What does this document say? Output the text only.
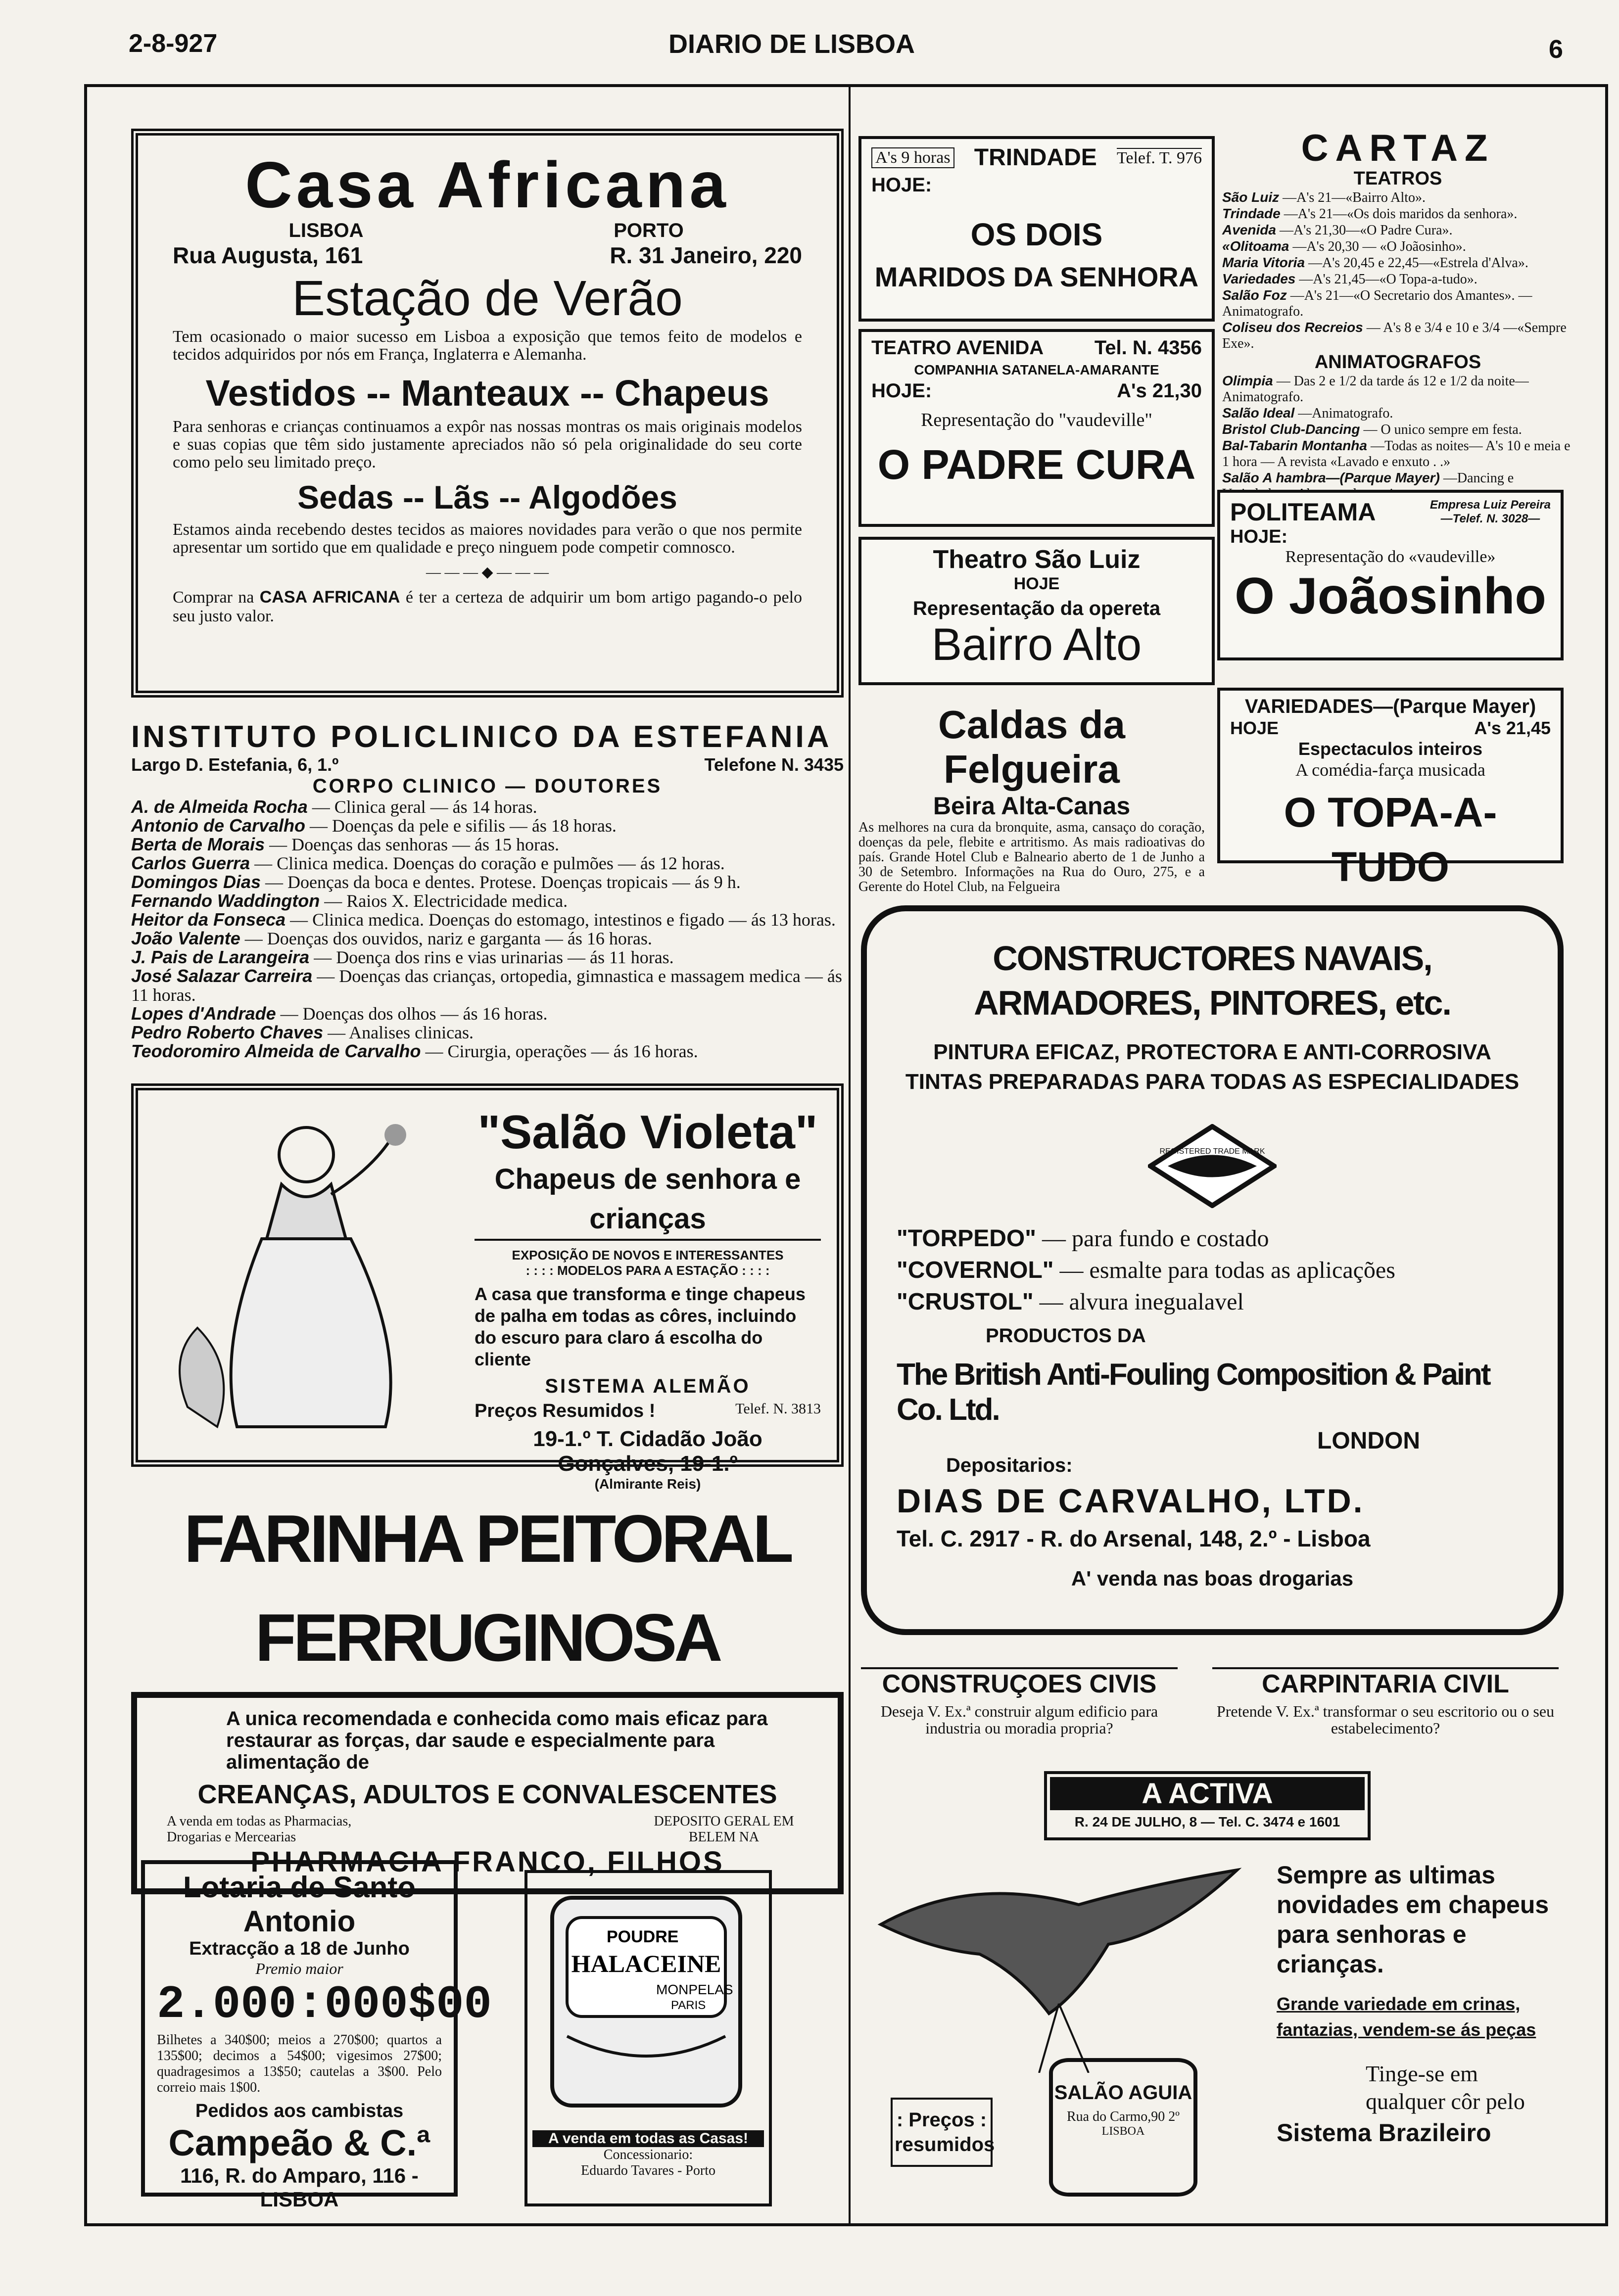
2-8-927	DIARIO DE LISBOA	6
Casa Africana
LISBOA	PORTO
Rua Augusta, 161	R. 31 Janeiro, 220
Estação de Verão

Tem ocasionado o maior sucesso em Lisboa a exposição que temos feito de modelos e tecidos adquiridos por nós em França, Inglaterra e Alemanha.

Vestidos -- Manteaux -- Chapeus

Para senhoras e crianças continuamos a expôr nas nossas montras os mais originais modelos e suas copias que têm sido justamente apreciados não só pela originalidade do seu corte como pelo seu limitado preço.

Sedas -- Lãs -- Algodões

Estamos ainda recebendo destes tecidos as maiores novidades para verão o que nos permite apresentar um sortido que em qualidade e preço ninguem pode competir comnosco.

— — — ◆ — — —

Comprar na CASA AFRICANA é ter a certeza de adquirir um bom artigo pagando-o pelo seu justo valor.

A's 9 horas TRINDADE Telef. T. 976
HOJE:
OS DOIS
MARIDOS DA SENHORA
TEATRO AVENIDA	Tel. N. 4356
COMPANHIA SATANELA-AMARANTE
HOJE:	A's 21,30
Representação do "vaudeville"
O PADRE CURA
Theatro São Luiz
HOJE
Representação da opereta
Bairro Alto
CARTAZ
TEATROS
São Luiz —A's 21—«Bairro Alto».
Trindade —A's 21—«Os dois maridos da senhora».
Avenida —A's 21,30—«O Padre Cura».
«Olitoama —A's 20,30 — «O Joãosinho».
Maria Vitoria —A's 20,45 e 22,45—«Estrela d'Alva».
Variedades —A's 21,45—«O Topa-a-tudo».
Salão Foz —A's 21—«O Secretario dos Amantes». —Animatografo.
Coliseu dos Recreios — A's 8 e 3/4 e 10 e 3/4 —«Sempre Exe».
ANIMATOGRAFOS
Olimpia — Das 2 e 1/2 da tarde ás 12 e 1/2 da noite—Animatografo.
Salão Ideal —Animatografo.
Bristol Club-Dancing — O unico sempre em festa.
Bal-Tabarin Montanha —Todas as noites— A's 10 e meia e 1 hora — A revista «Lavado e enxuto . .»
Salão A hambra—(Parque Mayer) —Dancing e
POLITEAMA	Empresa Luiz Pereira
—Telef. N. 3028—
HOJE:
Representação do «vaudeville»
O Joãosinho
VARIEDADES—(Parque Mayer)
HOJE	A's 21,45
Espectaculos inteiros
A comédia-farça musicada
O TOPA-A-TUDO
INSTITUTO POLICLINICO DA ESTEFANIA
Largo D. Estefania, 6, 1.º	Telefone N. 3435
CORPO CLINICO — DOUTORES
A. de Almeida Rocha — Clinica geral — ás 14 horas.
Antonio de Carvalho — Doenças da pele e sifilis — ás 18 horas.
Berta de Morais — Doenças das senhoras — ás 15 horas.
Carlos Guerra — Clinica medica. Doenças do coração e pulmões — ás 12 horas.
Domingos Dias — Doenças da boca e dentes. Protese. Doenças tropicais — ás 9 h.
Fernando Waddington — Raios X. Electricidade medica.
Heitor da Fonseca — Clinica medica. Doenças do estomago, intestinos e figado — ás 13 horas.
João Valente — Doenças dos ouvidos, nariz e garganta — ás 16 horas.
J. Pais de Larangeira — Doença dos rins e vias urinarias — ás 11 horas.
José Salazar Carreira — Doenças das crianças, ortopedia, gimnastica e massagem medica — ás 11 horas.
Lopes d'Andrade — Doenças dos olhos — ás 16 horas.
Pedro Roberto Chaves — Analises clinicas.
Teodoromiro Almeida de Carvalho — Cirurgia, operações — ás 16 horas.
Caldas da Felgueira
Beira Alta-Canas

As melhores na cura da bronquite, asma, cansaço do coração, doenças da pele, flebite e artritismo. As mais radioativas do país. Grande Hotel Club e Balneario aberto de 1 de Junho a 30 de Setembro. Informações na Rua do Ouro, 275, e a Gerente do Hotel Club, na Felgueira

CONSTRUCTORES NAVAIS, ARMADORES, PINTORES, etc.
PINTURA EFICAZ, PROTECTORA E ANTI-CORROSIVA
TINTAS PREPARADAS PARA TODAS AS ESPECIALIDADES
REGISTERED TRADE MARK
"TORPEDO" — para fundo e costado
"COVERNOL" — esmalte para todas as aplicações
"CRUSTOL" — alvura inegualavel
PRODUCTOS DA
The British Anti-Fouling Composition & Paint Co. Ltd.
LONDON
Depositarios:
DIAS DE CARVALHO, LTD.
Tel. C. 2917 - R. do Arsenal, 148, 2.º - Lisboa
A' venda nas boas drogarias
"Salão Violeta"
Chapeus de senhora e crianças
EXPOSIÇÃO DE NOVOS E INTERESSANTES
: : : : MODELOS PARA A ESTAÇÃO : : : :

A casa que transforma e tinge chapeus de palha em todas as côres, incluindo do escuro para claro á escolha do cliente

SISTEMA ALEMÃO
Preços Resumidos !	Telef. N. 3813
19-1.º T. Cidadão João Gonçalves, 19-1.º
(Almirante Reis)
FARINHA PEITORAL FERRUGINOSA

A unica recomendada e conhecida como mais eficaz para restaurar as forças, dar saude e especialmente para alimentação de

CREANÇAS, ADULTOS E CONVALESCENTES
A venda em todas as Pharmacias, Drogarias e Mercearias
DEPOSITO GERAL EM BELEM NA
PHARMACIA FRANCO, FILHOS
CONSTRUÇOES CIVIS

Deseja V. Ex.ª construir algum edificio para industria ou moradia propria?

CARPINTARIA CIVIL

Pretende V. Ex.ª transformar o seu escritorio ou o seu estabelecimento?

A ACTIVA
R. 24 DE JULHO, 8 — Tel. C. 3474 e 1601
Lotaria de Santo Antonio
Extracção a 18 de Junho
Premio maior
2.000:000$00

Bilhetes a 340$00; meios a 270$00; quartos a 135$00; decimos a 54$00; vigesimos 27$00; quadragesimos a 13$50; cautelas a 3$00. Pelo correio mais 1$00.

Pedidos aos cambistas
Campeão & C.ª
116, R. do Amparo, 116 - LISBOA
POUDRE
HALACEINE
MONPELAS
PARIS
A venda em todas as Casas!
Concessionario:
Eduardo Tavares - Porto
: Preços : resumidos
SALÃO AGUIA
Rua do Carmo,90 2º
LISBOA

Sempre as ultimas novidades em chapeus para senhoras e crianças.

Grande variedade em crinas,

fantazias, vendem-se ás peças

Tinge-se em qualquer côr pelo

Sistema Brazileiro
